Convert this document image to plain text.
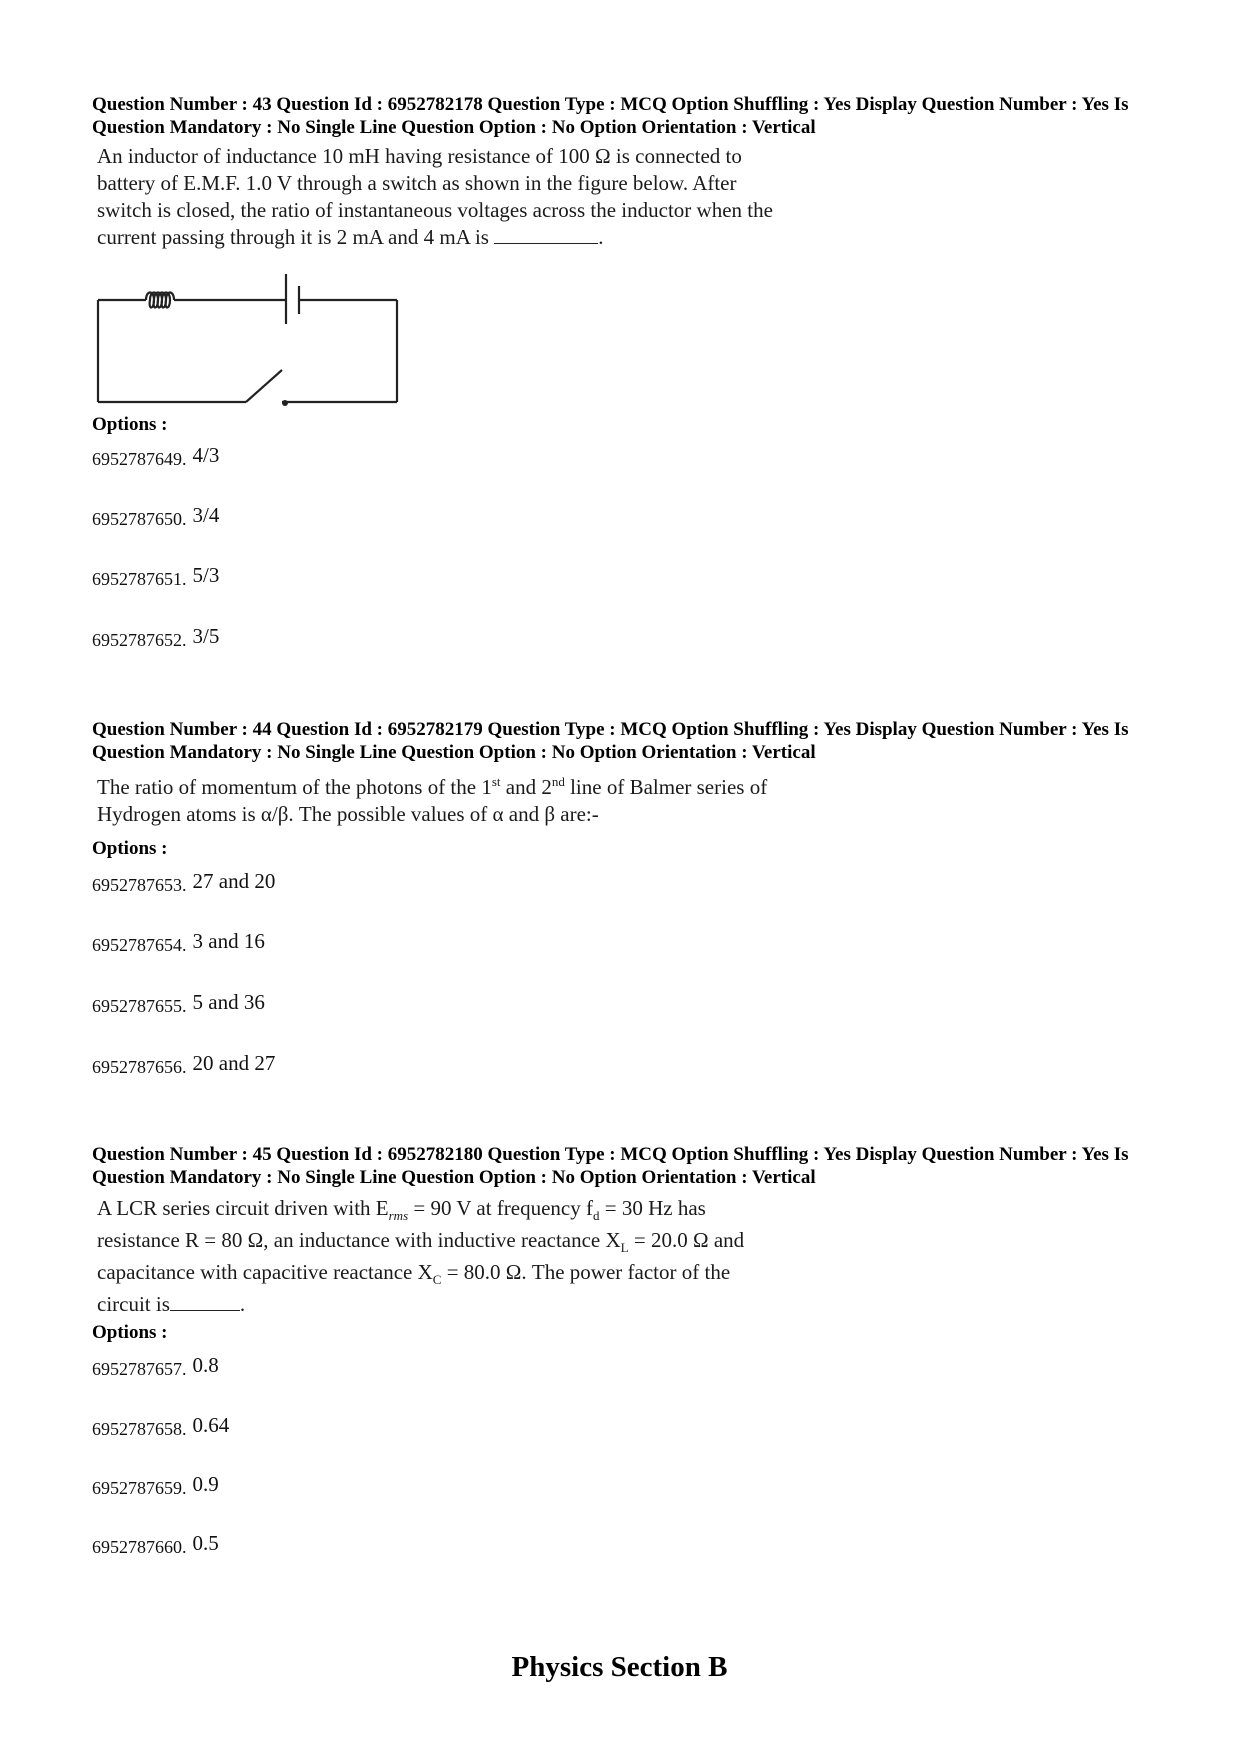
Question Number : 43 Question Id : 6952782178 Question Type : MCQ Option Shuffling : Yes Display Question Number : Yes Is Question Mandatory : No Single Line Question Option : No Option Orientation : Vertical

An inductor of inductance 10 mH having resistance of 100 Ω is connected to

battery of E.M.F. 1.0 V through a switch as shown in the figure below. After

switch is closed, the ratio of instantaneous voltages across the inductor when the

current passing through it is 2 mA and 4 mA is	.

Options :
6952787649. 4/3
6952787650. 3/4
6952787651. 5/3
6952787652. 3/5
Question Number : 44 Question Id : 6952782179 Question Type : MCQ Option Shuffling : Yes Display Question Number : Yes Is Question Mandatory : No Single Line Question Option : No Option Orientation : Vertical

The ratio of momentum of the photons of the 1st and 2nd line of Balmer series of

Hydrogen atoms is α/β. The possible values of α and β are:-

Options :
6952787653. 27 and 20
6952787654. 3 and 16
6952787655. 5 and 36
6952787656. 20 and 27
Question Number : 45 Question Id : 6952782180 Question Type : MCQ Option Shuffling : Yes Display Question Number : Yes Is Question Mandatory : No Single Line Question Option : No Option Orientation : Vertical

A LCR series circuit driven with $E_{rms} = 90$ V at frequency $f_d = 30$ Hz has

resistance R = 80 Ω, an inductance with inductive reactance $X_L = 20.0$ Ω and

capacitance with capacitive reactance $X_C = 80.0$ Ω. The power factor of the

circuit is	.

Options :
6952787657. 0.8
6952787658. 0.64
6952787659. 0.9
6952787660. 0.5
Physics Section B
